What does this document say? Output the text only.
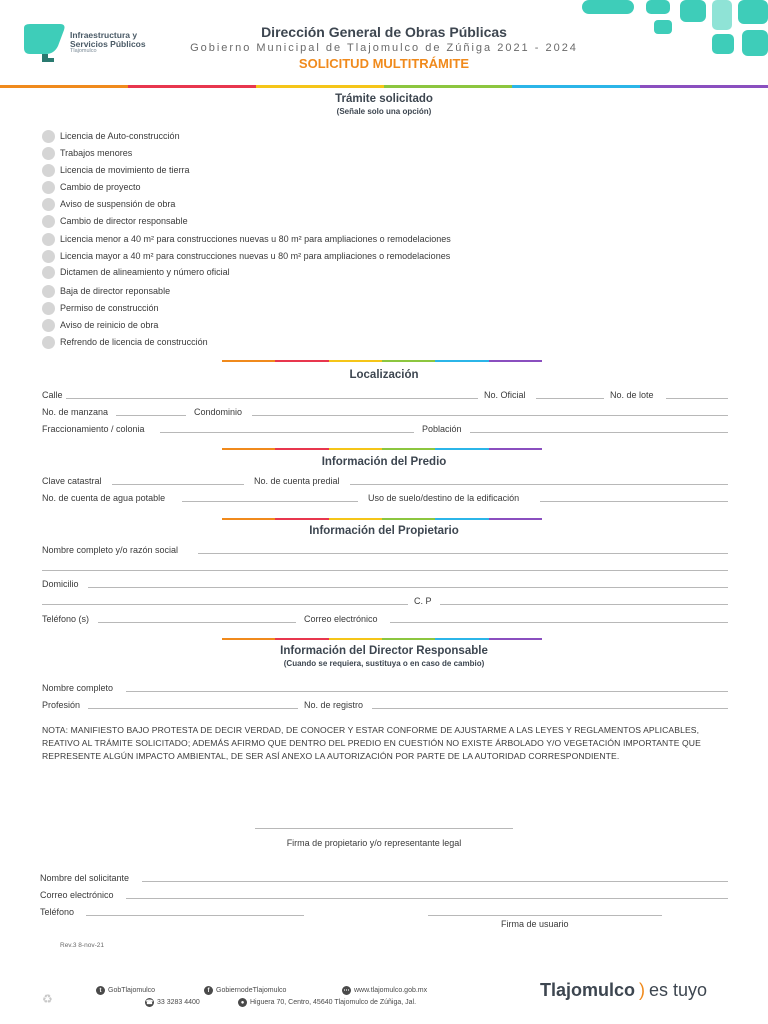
Infraestructura y
Servicios Públicos
Tlajomulco
Dirección General de Obras Públicas
Gobierno Municipal de Tlajomulco de Zúñiga 2021 - 2024
SOLICITUD MULTITRÁMITE
Trámite solicitado
(Señale solo una opción)
Licencia de Auto-construcción
Trabajos menores
Licencia de movimiento de tierra
Cambio de proyecto
Aviso de suspensión de obra
Cambio de director responsable
Licencia menor a 40 m² para construcciones nuevas u 80 m² para ampliaciones o remodelaciones
Licencia mayor a 40 m² para construcciones nuevas u 80 m² para ampliaciones o remodelaciones
Dictamen de alineamiento y número oficial
Baja de director reponsable
Permiso de construcción
Aviso de reinicio de obra
Refrendo de licencia de construcción
Localización
Calle	No. Oficial	No. de lote
No. de manzana	Condominio
Fraccionamiento / colonia	Población
Información del Predio
Clave catastral	No. de cuenta predial
No. de cuenta de agua potable	Uso de suelo/destino de la edificación
Información del Propietario
Nombre completo y/o razón social
Domicilio
C. P
Teléfono (s)	Correo electrónico
Información del Director Responsable
(Cuando se requiera, sustituya o en caso de cambio)
Nombre completo
Profesión	No. de registro
NOTA: MANIFIESTO BAJO PROTESTA DE DECIR VERDAD, DE CONOCER Y ESTAR CONFORME DE AJUSTARME A LAS LEYES Y REGLAMENTOS APLICABLES, REATIVO AL TRÁMITE SOLICITADO; ADEMÁS AFIRMO QUE DENTRO DEL PREDIO EN CUESTIÓN NO EXISTE ÁRBOLADO Y/O VEGETACIÓN IMPORTANTE QUE REPRESENTE ALGÚN IMPACTO AMBIENTAL, DE SER ASÍ ANEXO LA AUTORIZACIÓN POR PARTE DE LA AUTORIDAD CORRESPONDIENTE.
Firma de propietario y/o representante legal
Nombre del solicitante
Correo electrónico
Teléfono
Firma de usuario
Rev.3 8-nov-21
♻
t GobTlajomulco	f GobiernodeTlajomulco	⋯ www.tlajomulco.gob.mx
☎ 33 3283 4400	● Higuera 70, Centro, 45640 Tlajomulco de Zúñiga, Jal.
Tlajomulco ) es tuyo
